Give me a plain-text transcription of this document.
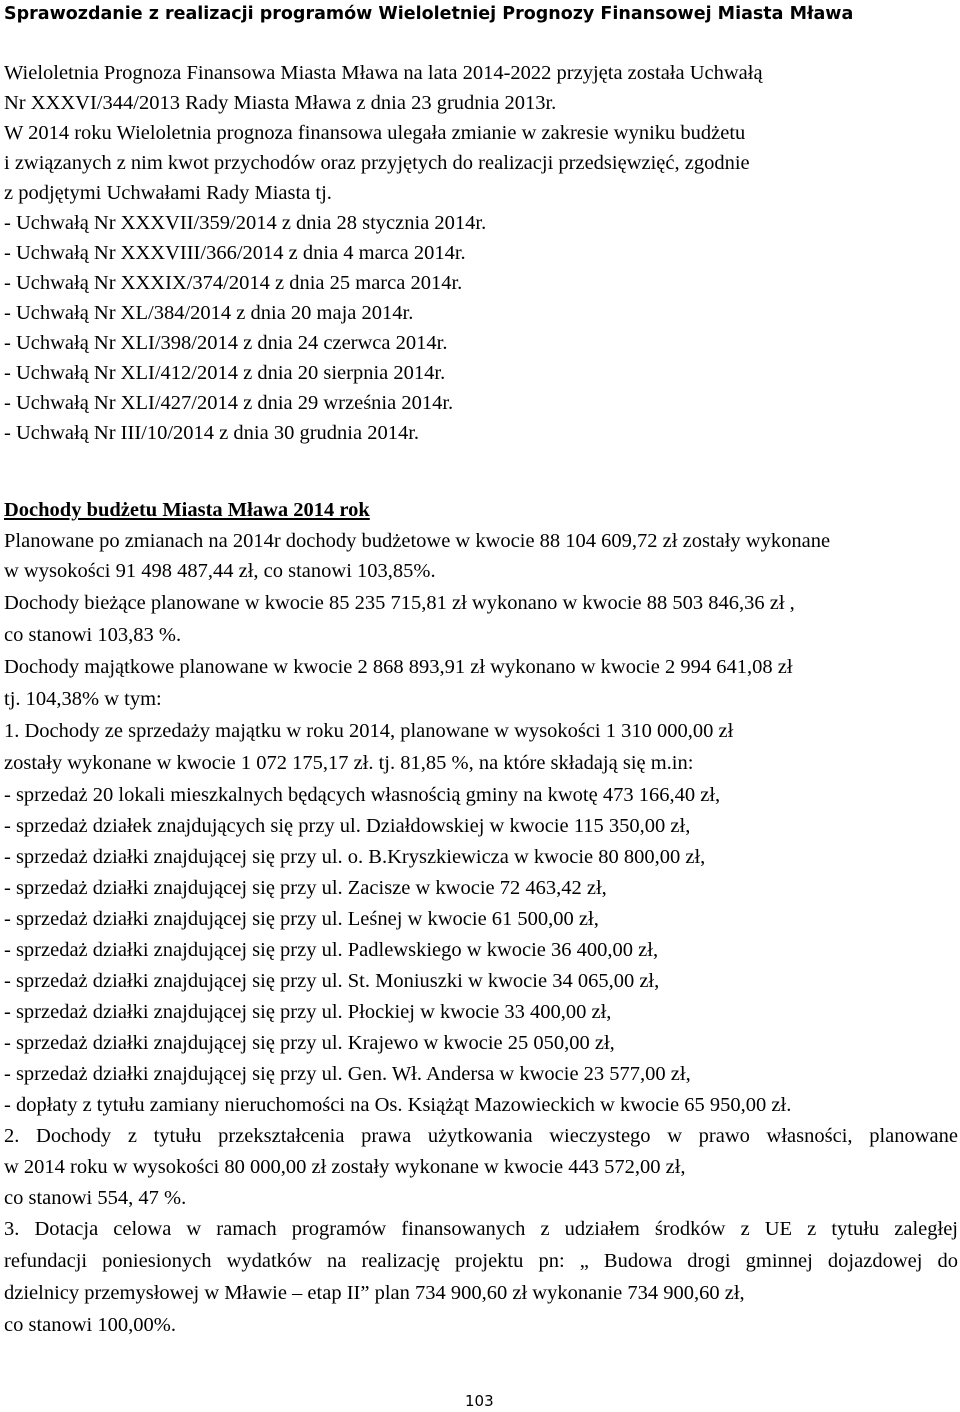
Sprawozdanie z realizacji programów Wieloletniej Prognozy Finansowej Miasta Mława

Wieloletnia Prognoza Finansowa Miasta Mława na lata 2014-2022 przyjęta została Uchwałą

Nr XXXVI/344/2013 Rady Miasta Mława z dnia 23 grudnia 2013r.

W 2014 roku Wieloletnia prognoza finansowa ulegała zmianie w zakresie wyniku budżetu

i związanych z nim kwot przychodów oraz przyjętych do realizacji przedsięwzięć, zgodnie

z podjętymi Uchwałami Rady Miasta tj.

- Uchwałą Nr XXXVII/359/2014 z dnia 28 stycznia 2014r.

- Uchwałą Nr XXXVIII/366/2014 z dnia 4 marca 2014r.

- Uchwałą Nr XXXIX/374/2014 z dnia 25 marca 2014r.

- Uchwałą Nr XL/384/2014 z dnia 20 maja 2014r.

- Uchwałą Nr XLI/398/2014 z dnia 24 czerwca 2014r.

- Uchwałą Nr XLI/412/2014 z dnia 20 sierpnia 2014r.

- Uchwałą Nr XLI/427/2014 z dnia 29 września 2014r.

- Uchwałą Nr III/10/2014 z dnia 30 grudnia 2014r.

Dochody budżetu Miasta Mława 2014 rok

Planowane po zmianach na 2014r dochody budżetowe w kwocie 88 104 609,72 zł zostały wykonane

w wysokości 91 498 487,44 zł, co stanowi 103,85%.

Dochody bieżące planowane w kwocie 85 235 715,81 zł wykonano w kwocie 88 503 846,36 zł ,

co stanowi 103,83 %.

Dochody majątkowe planowane w kwocie 2 868 893,91 zł wykonano w kwocie 2 994 641,08 zł

tj. 104,38% w tym:

1. Dochody ze sprzedaży majątku w roku 2014, planowane w wysokości 1 310 000,00 zł

zostały wykonane w kwocie 1 072 175,17 zł. tj. 81,85 %, na które składają się m.in:

- sprzedaż 20 lokali mieszkalnych będących własnością gminy na kwotę 473 166,40 zł,

- sprzedaż działek znajdujących się przy ul. Działdowskiej w kwocie 115 350,00 zł,

- sprzedaż działki znajdującej się przy ul. o. B.Kryszkiewicza w kwocie 80 800,00 zł,

- sprzedaż działki znajdującej się przy ul. Zacisze w kwocie 72 463,42 zł,

- sprzedaż działki znajdującej się przy ul. Leśnej w kwocie 61 500,00 zł,

- sprzedaż działki znajdującej się przy ul. Padlewskiego w kwocie 36 400,00 zł,

- sprzedaż działki znajdującej się przy ul. St. Moniuszki w kwocie 34 065,00 zł,

- sprzedaż działki znajdującej się przy ul. Płockiej w kwocie 33 400,00 zł,

- sprzedaż działki znajdującej się przy ul. Krajewo w kwocie 25 050,00 zł,

- sprzedaż działki znajdującej się przy ul. Gen. Wł. Andersa w kwocie 23 577,00 zł,

- dopłaty z tytułu zamiany nieruchomości na Os. Książąt Mazowieckich w kwocie 65 950,00 zł.

2. Dochody z tytułu przekształcenia prawa użytkowania wieczystego w prawo własności, planowane

w 2014 roku w wysokości 80 000,00 zł zostały wykonane w kwocie 443 572,00 zł,

co stanowi 554, 47 %.

3. Dotacja celowa w ramach programów finansowanych z udziałem środków z UE z tytułu zaległej

refundacji poniesionych wydatków na realizację projektu pn: „ Budowa drogi gminnej dojazdowej do

dzielnicy przemysłowej w Mławie – etap II” plan 734 900,60 zł wykonanie 734 900,60 zł,

co stanowi 100,00%.

103
